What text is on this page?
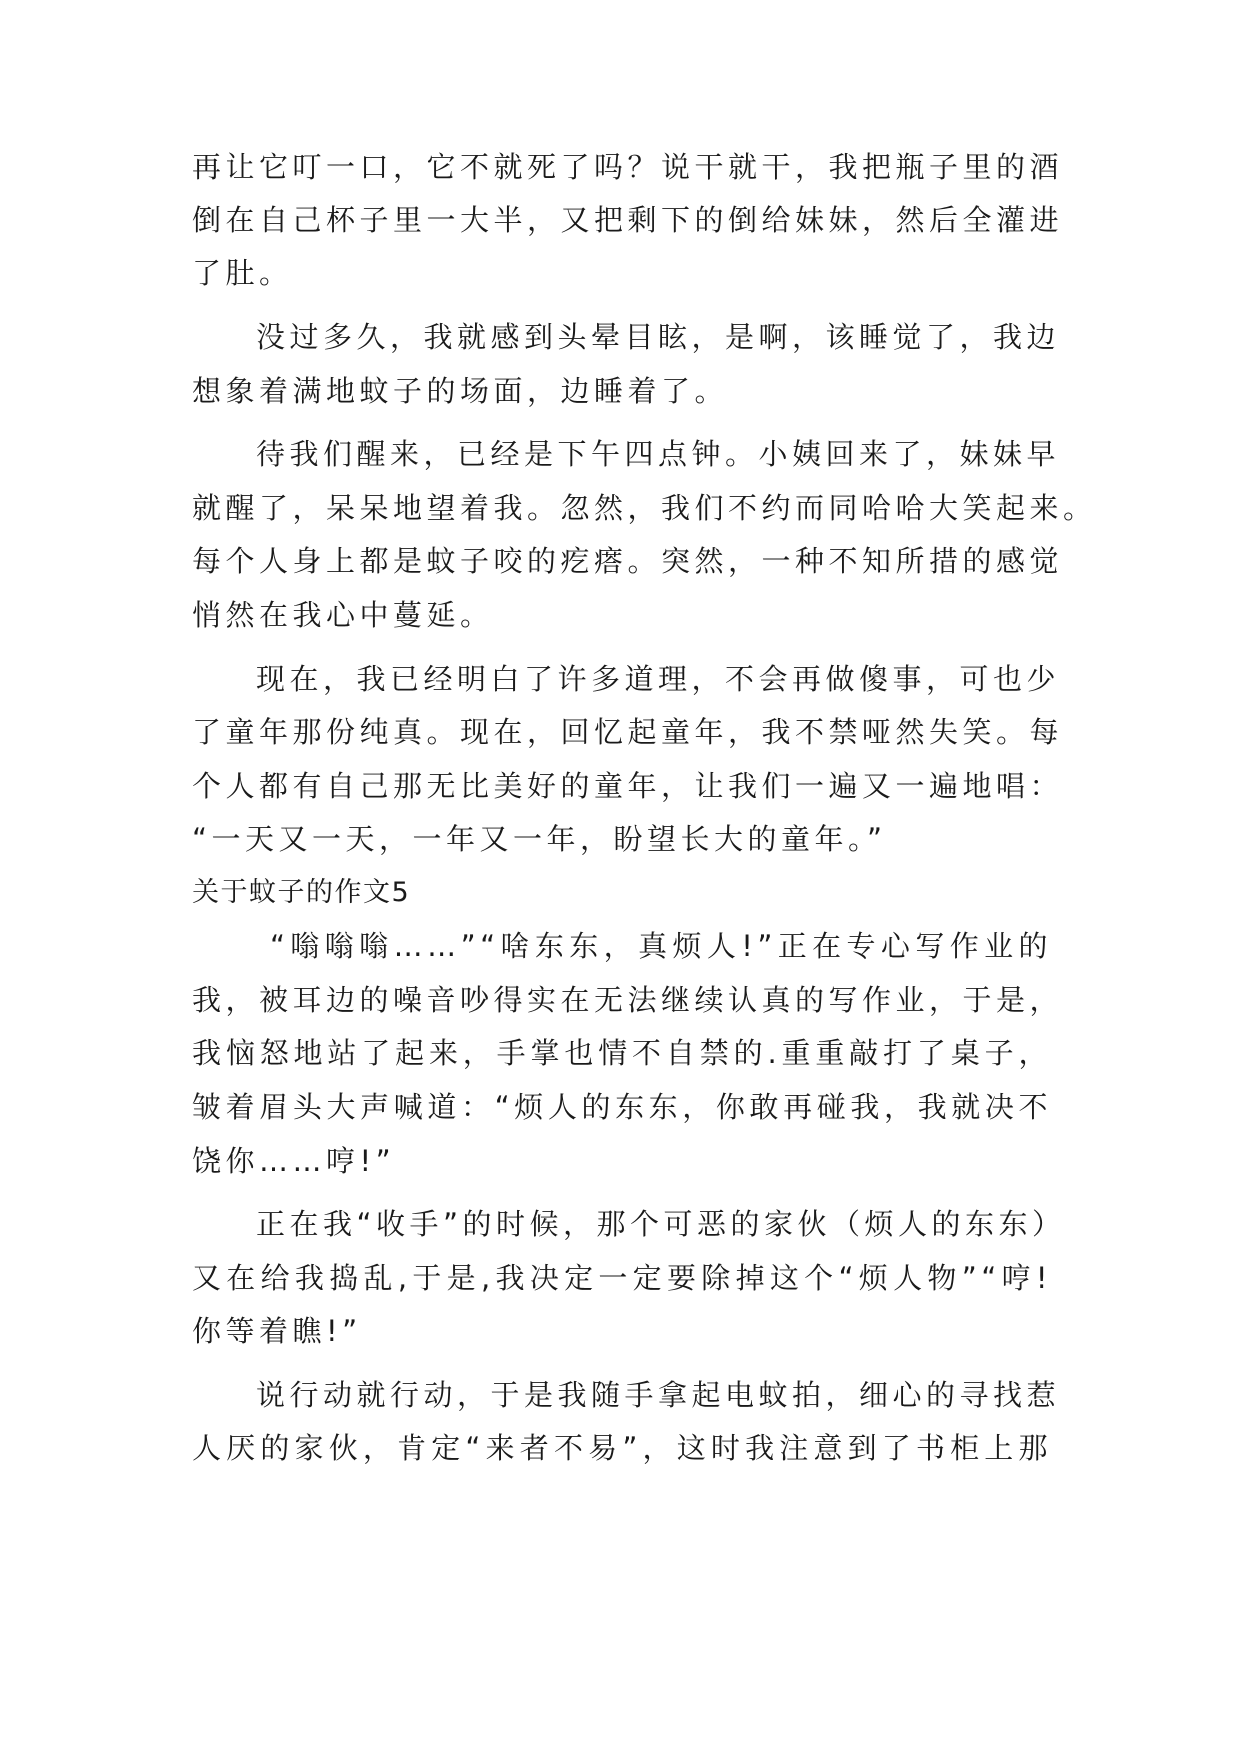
再让它叮一口，它不就死了吗？说干就干，我把瓶子里的酒
倒在自己杯子里一大半，又把剩下的倒给妹妹，然后全灌进
了肚。
没过多久，我就感到头晕目眩，是啊，该睡觉了，我边
想象着满地蚊子的场面，边睡着了。
待我们醒来，已经是下午四点钟。小姨回来了，妹妹早
就醒了，呆呆地望着我。忽然，我们不约而同哈哈大笑起来。
每个人身上都是蚊子咬的疙瘩。突然，一种不知所措的感觉
悄然在我心中蔓延。
现在，我已经明白了许多道理，不会再做傻事，可也少
了童年那份纯真。现在，回忆起童年，我不禁哑然失笑。每
个人都有自己那无比美好的童年，让我们一遍又一遍地唱：
“一天又一天，一年又一年，盼望长大的童年。”
关于蚊子的作文5
“嗡嗡嗡……”“啥东东，真烦人!”正在专心写作业的
我，被耳边的噪音吵得实在无法继续认真的写作业，于是，
我恼怒地站了起来，手掌也情不自禁的.重重敲打了桌子，
皱着眉头大声喊道：“烦人的东东，你敢再碰我，我就决不
饶你……哼!”
正在我“收手”的时候，那个可恶的家伙（烦人的东东）
又在给我捣乱,于是,我决定一定要除掉这个“烦人物”“哼!
你等着瞧!”
说行动就行动，于是我随手拿起电蚊拍，细心的寻找惹
人厌的家伙，肯定“来者不易”，这时我注意到了书柜上那
